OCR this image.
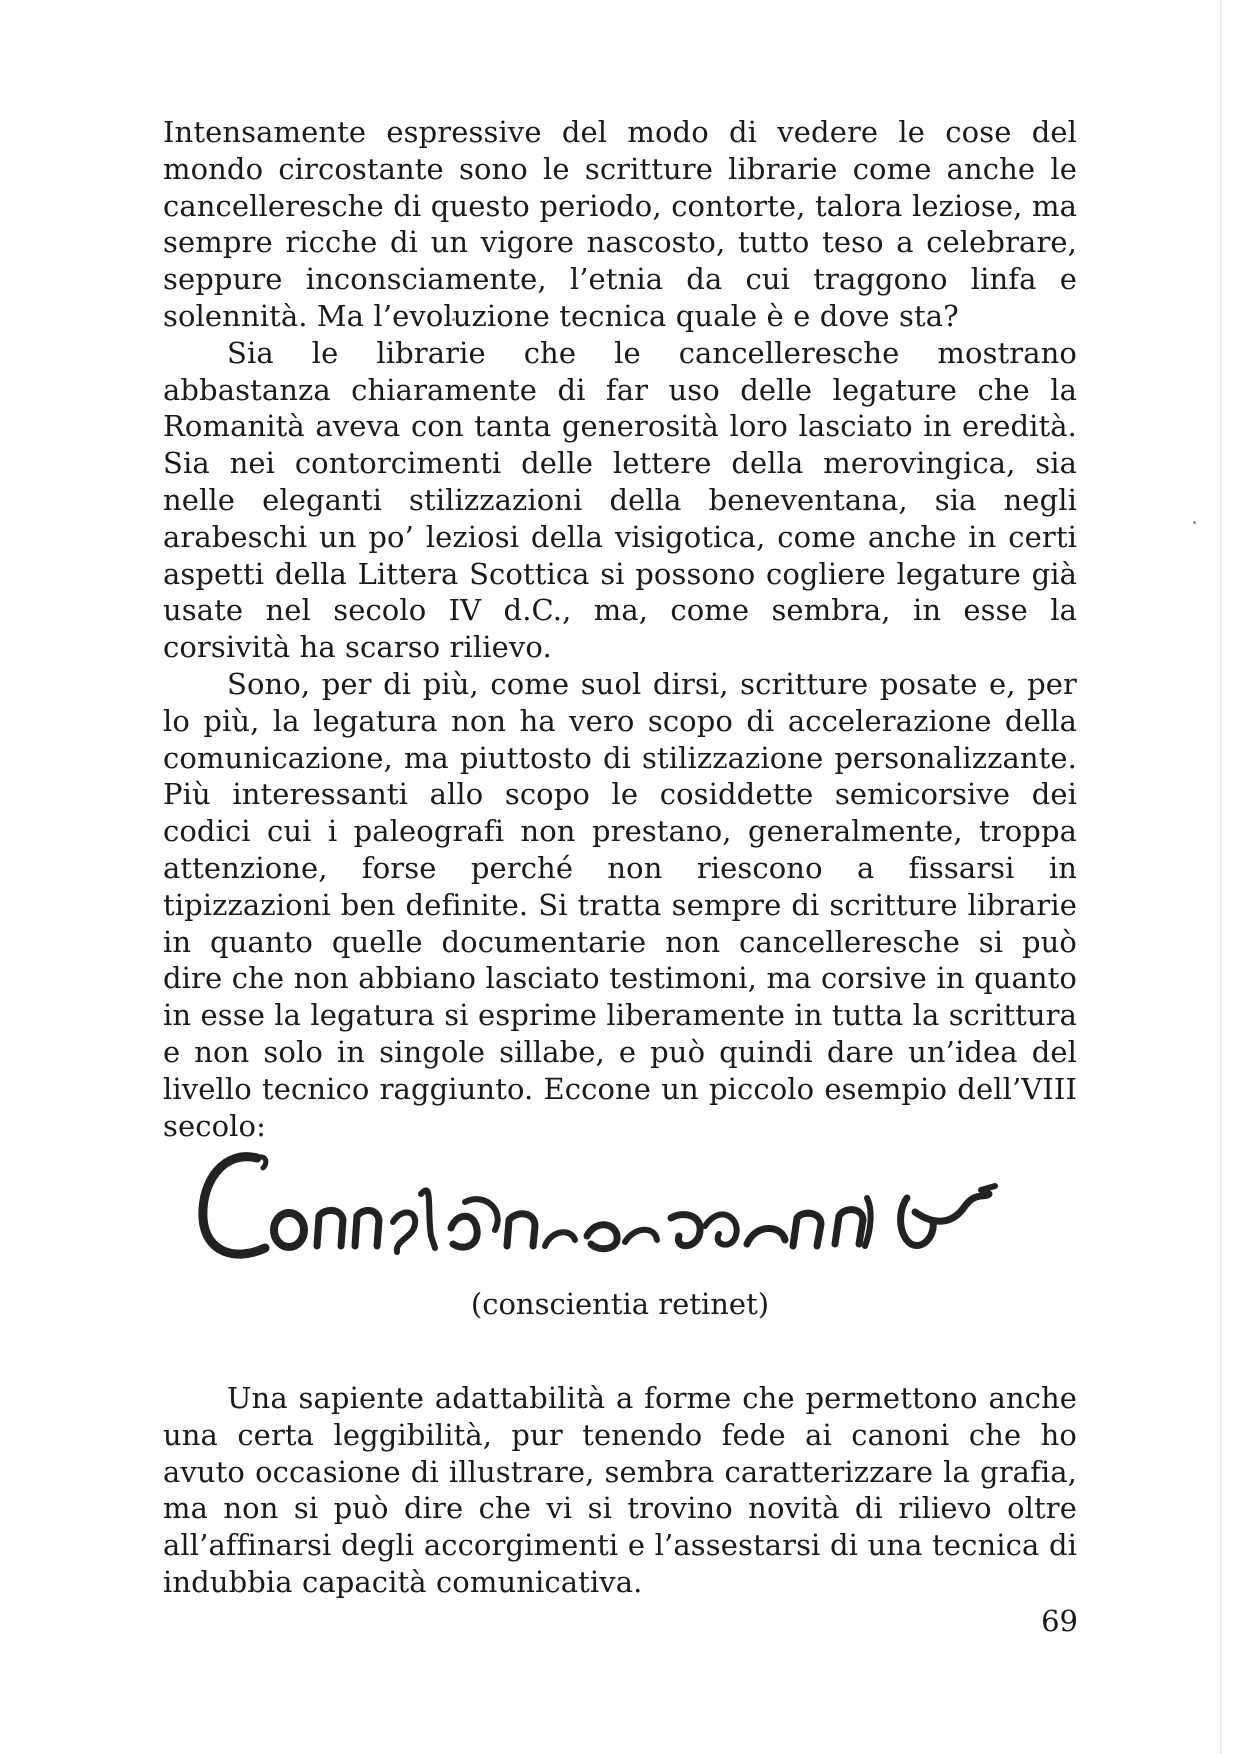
Intensamente espressive del modo di vedere le cose del mondo circostante sono le scritture librarie come anche le cancelleresche di questo periodo, contorte, talora leziose, ma sempre ricche di un vigore nascosto, tutto teso a celebrare, seppure inconsciamente, l’etnia da cui traggono linfa e solennità. Ma l’evoluzione tecnica quale è e dove sta?

Sia le librarie che le cancelleresche mostrano abbastanza chiaramente di far uso delle legature che la Romanità aveva con tanta generosità loro lasciato in eredità. Sia nei contorcimenti delle lettere della merovingica, sia nelle eleganti stilizzazioni della beneventana, sia negli arabeschi un po’ leziosi della visigotica, come anche in certi aspetti della Littera Scottica si possono cogliere legature già usate nel secolo IV d.C., ma, come sembra, in esse la corsività ha scarso rilievo.

Sono, per di più, come suol dirsi, scritture posate e, per lo più, la legatura non ha vero scopo di accelerazione della comunicazione, ma piuttosto di stilizzazione personalizzante. Più interessanti allo scopo le cosiddette semicorsive dei codici cui i paleografi non prestano, generalmente, troppa attenzione, forse perché non riescono a fissarsi in tipizzazioni ben definite. Si tratta sempre di scritture librarie in quanto quelle documentarie non cancelleresche si può dire che non abbiano lasciato testimoni, ma corsive in quanto in esse la legatura si esprime liberamente in tutta la scrittura e non solo in singole sillabe, e può quindi dare un’idea del livello tecnico raggiunto. Eccone un piccolo esempio dell’VIII secolo:

(conscientia retinet)

Una sapiente adattabilità a forme che permettono anche una certa leggibilità, pur tenendo fede ai canoni che ho avuto occasione di illustrare, sembra caratterizzare la grafia, ma non si può dire che vi si trovino novità di rilievo oltre all’affinarsi degli accorgimenti e l’assestarsi di una tecnica di indubbia capacità comunicativa.

69
